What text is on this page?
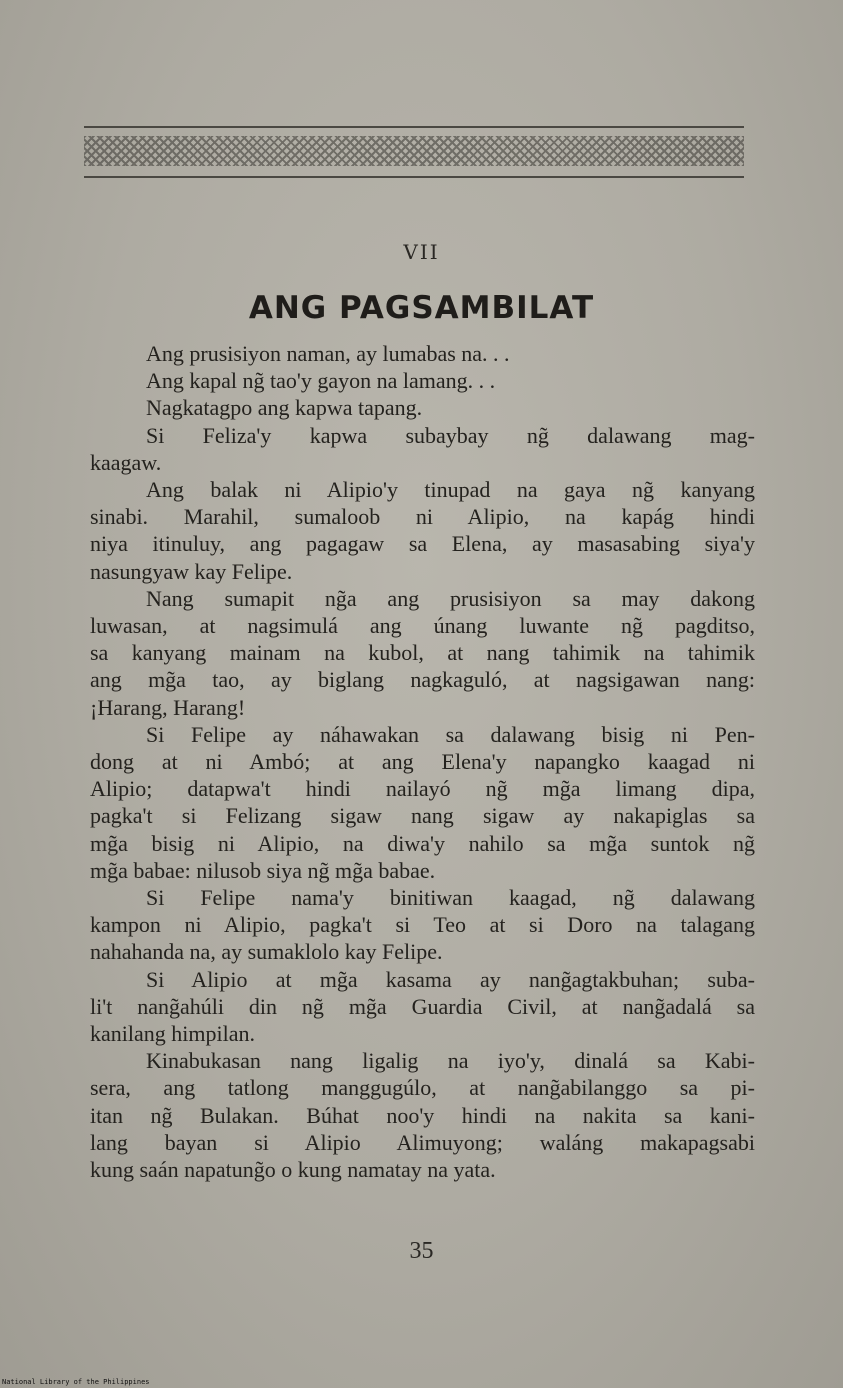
VII
ANG PAGSAMBILAT
Ang prusisiyon naman, ay lumabas na. . .
Ang kapal ng̃ tao'y gayon na lamang. . .
Nagkatagpo ang kapwa tapang.
Si Feliza'y kapwa subaybay ng̃ dalawang mag-
kaagaw.
Ang balak ni Alipio'y tinupad na gaya ng̃ kanyang
sinabi. Marahil, sumaloob ni Alipio, na kapág hindi
niya itinuluy, ang pagagaw sa Elena, ay masasabing siya'y
nasungyaw kay Felipe.
Nang sumapit ng̃a ang prusisiyon sa may dakong
luwasan, at nagsimulá ang únang luwante ng̃ pagditso,
sa kanyang mainam na kubol, at nang tahimik na tahimik
ang mg̃a tao, ay biglang nagkaguló, at nagsigawan nang:
¡Harang, Harang!
Si Felipe ay náhawakan sa dalawang bisig ni Pen-
dong at ni Ambó; at ang Elena'y napangko kaagad ni
Alipio; datapwa't hindi nailayó ng̃ mg̃a limang dipa,
pagka't si Felizang sigaw nang sigaw ay nakapiglas sa
mg̃a bisig ni Alipio, na diwa'y nahilo sa mg̃a suntok ng̃
mg̃a babae: nilusob siya ng̃ mg̃a babae.
Si Felipe nama'y binitiwan kaagad, ng̃ dalawang
kampon ni Alipio, pagka't si Teo at si Doro na talagang
nahahanda na, ay sumaklolo kay Felipe.
Si Alipio at mg̃a kasama ay nang̃agtakbuhan; suba-
li't nang̃ahúli din ng̃ mg̃a Guardia Civil, at nang̃adalá sa
kanilang himpilan.
Kinabukasan nang ligalig na iyo'y, dinalá sa Kabi-
sera, ang tatlong manggugúlo, at nang̃abilanggo sa pi-
itan ng̃ Bulakan. Búhat noo'y hindi na nakita sa kani-
lang bayan si Alipio Alimuyong; waláng makapagsabi
kung saán napatung̃o o kung namatay na yata.
35
National Library of the Philippines
